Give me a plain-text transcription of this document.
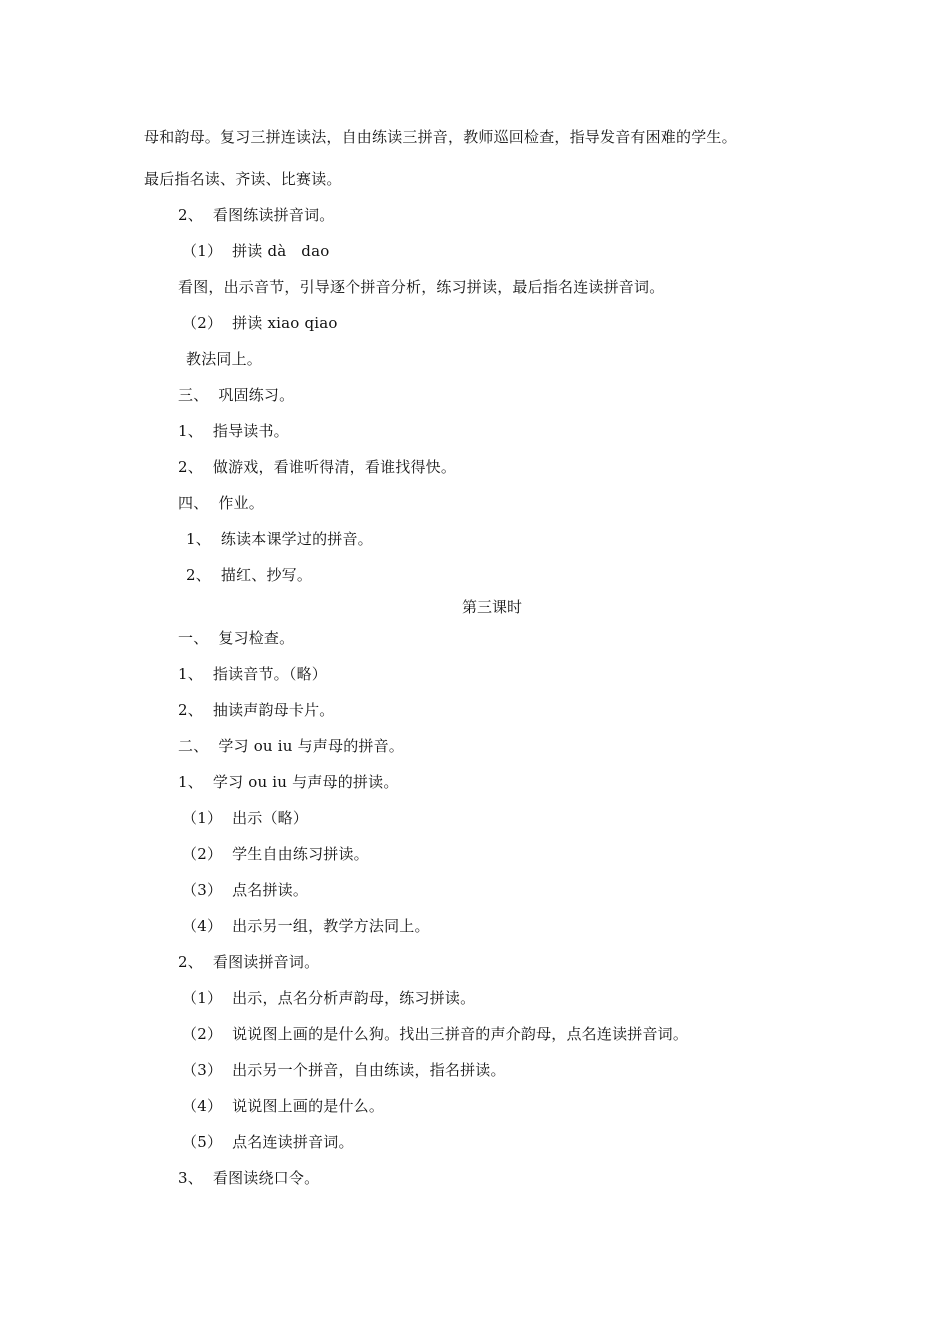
母和韵母。复习三拼连读法，自由练读三拼音，教师巡回检查，指导发音有困难的学生。
最后指名读、齐读、比赛读。
2、  看图练读拼音词。
（1）  拼读 dà   dao
看图，出示音节，引导逐个拼音分析，练习拼读，最后指名连读拼音词。
（2）  拼读 xiao qiao
教法同上。
三、  巩固练习。
1、  指导读书。
2、  做游戏，看谁听得清，看谁找得快。
四、  作业。
1、  练读本课学过的拼音。
2、  描红、抄写。
第三课时
一、  复习检查。
1、  指读音节。（略）
2、  抽读声韵母卡片。
二、  学习 ou iu 与声母的拼音。
1、  学习 ou iu 与声母的拼读。
（1）  出示（略）
（2）  学生自由练习拼读。
（3）  点名拼读。
（4）  出示另一组，教学方法同上。
2、  看图读拼音词。
（1）  出示，点名分析声韵母，练习拼读。
（2）  说说图上画的是什么狗。找出三拼音的声介韵母，点名连读拼音词。
（3）  出示另一个拼音，自由练读，指名拼读。
（4）  说说图上画的是什么。
（5）  点名连读拼音词。
3、  看图读绕口令。
